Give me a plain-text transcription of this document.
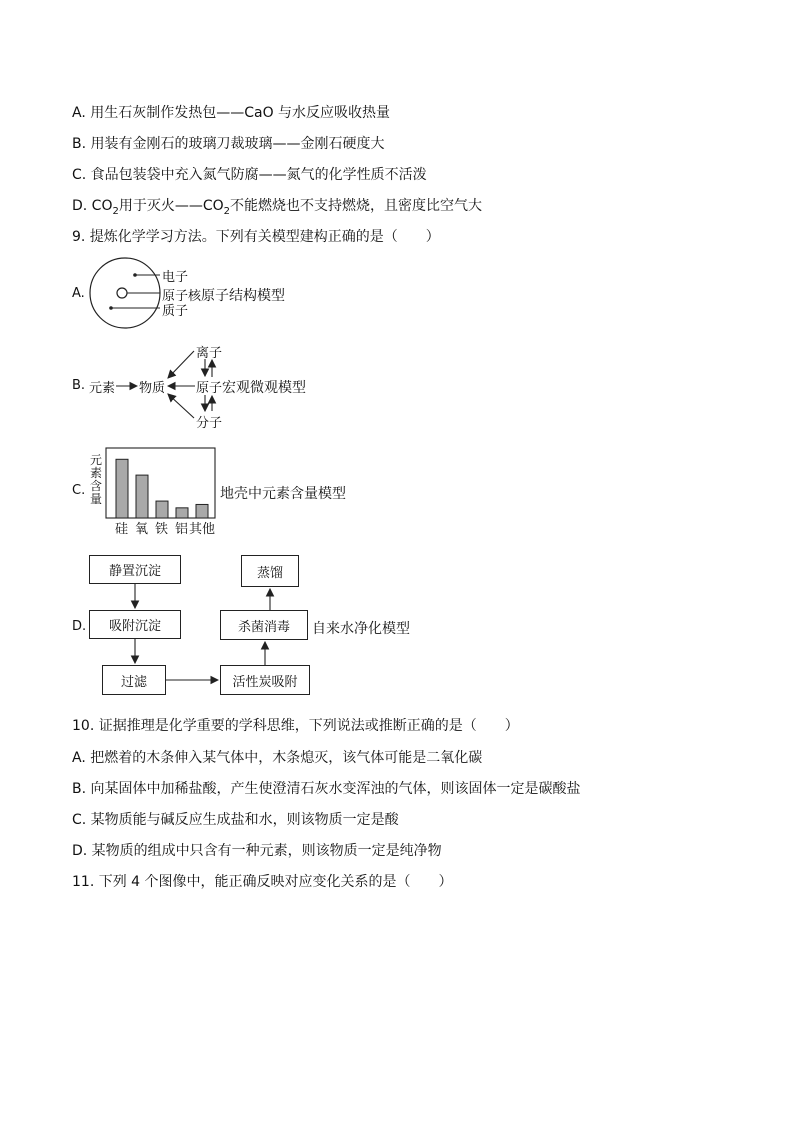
A. 用生石灰制作发热包——CaO 与水反应吸收热量
B. 用装有金刚石的玻璃刀裁玻璃——金刚石硬度大
C. 食品包装袋中充入氮气防腐——氮气的化学性质不活泼
D. $CO_2$用于灭火$——CO_2$不能燃烧也不支持燃烧，且密度比空气大
9. 提炼化学学习方法。下列有关模型建构正确的是（　　）
A.
电子
原子核原子结构模型
质子
B. 元素 物质
离子
原子宏观微观模型
分子
C.
元
素
含
量
硅 氧 铁 铝 其他
地壳中元素含量模型
D.
静置沉淀
吸附沉淀
过滤	活性炭吸附
杀菌消毒
蒸馏
自来水净化模型
10. 证据推理是化学重要的学科思维，下列说法或推断正确的是（　　）
A. 把燃着的木条伸入某气体中，木条熄灭，该气体可能是二氧化碳
B. 向某固体中加稀盐酸，产生使澄清石灰水变浑浊的气体，则该固体一定是碳酸盐
C. 某物质能与碱反应生成盐和水，则该物质一定是酸
D. 某物质的组成中只含有一种元素，则该物质一定是纯净物
11. 下列 4 个图像中，能正确反映对应变化关系的是（　　）
